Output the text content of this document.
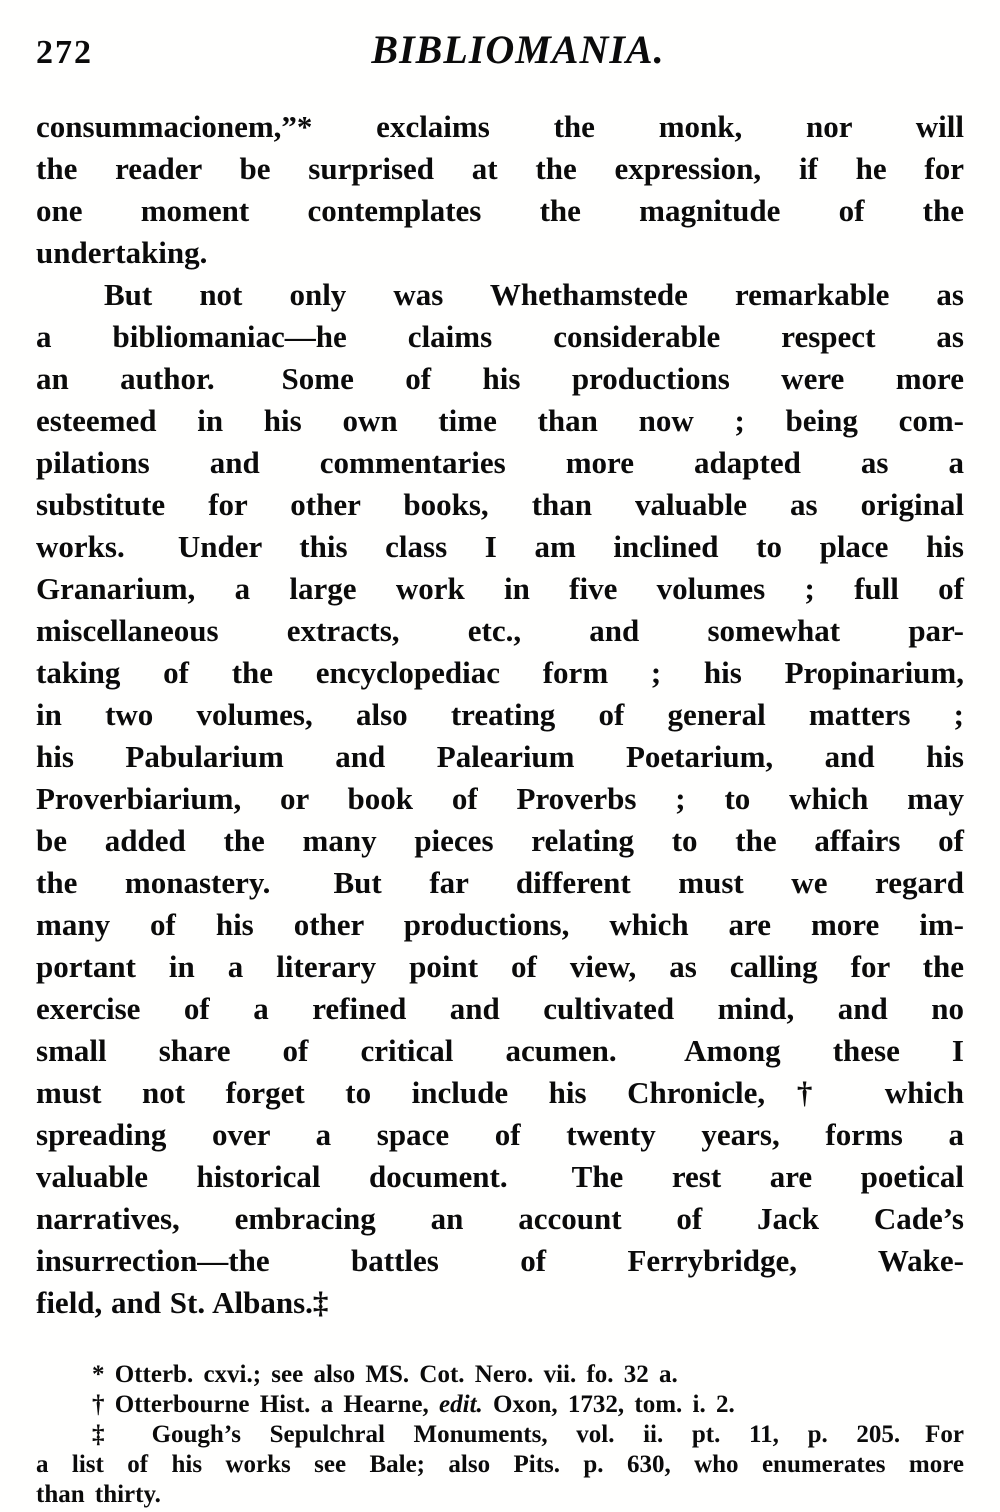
272	BIBLIOMANIA.
consummacionem,”* exclaims the monk, nor will
the reader be surprised at the expression, if he for
one moment contemplates the magnitude of the
undertaking.
But not only was Whethamstede remarkable as
a bibliomaniac—he claims considerable respect as
an author.  Some of his productions were more
esteemed in his own time than now ; being com-
pilations and commentaries more adapted as a
substitute for other books, than valuable as original
works.  Under this class I am inclined to place his
Granarium, a large work in five volumes ; full of
miscellaneous extracts, etc., and somewhat par-
taking of the encyclopediac form ; his Propinarium,
in two volumes, also treating of general matters ;
his Pabularium and Palearium Poetarium, and his
Proverbiarium, or book of Proverbs ; to which may
be added the many pieces relating to the affairs of
the monastery.  But far different must we regard
many of his other productions, which are more im-
portant in a literary point of view, as calling for the
exercise of a refined and cultivated mind, and no
small share of critical acumen.  Among these I
must not forget to include his Chronicle,† which
spreading over a space of twenty years, forms a
valuable historical document.  The rest are poetical
narratives, embracing an account of Jack Cade’s
insurrection—the battles of Ferrybridge, Wake-
field, and St. Albans.‡
* Otterb. cxvi.; see also MS. Cot. Nero. vii. fo. 32 a.
† Otterbourne Hist. a Hearne, edit. Oxon, 1732, tom. i. 2.
‡ Gough’s Sepulchral Monuments, vol. ii. pt. 11, p. 205. For
a list of his works see Bale; also Pits. p. 630, who enumerates more
than thirty.
